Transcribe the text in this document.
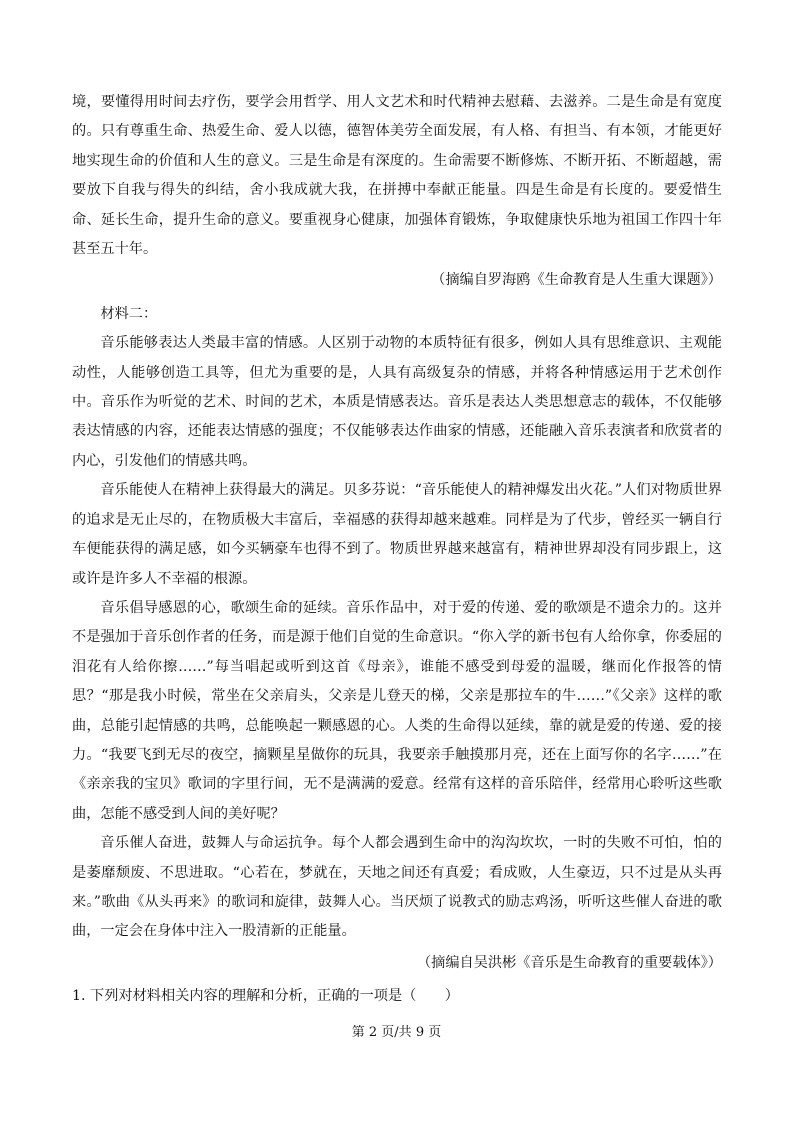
境，要懂得用时间去疗伤，要学会用哲学、用人文艺术和时代精神去慰藉、去滋养。二是生命是有宽度的。只有尊重生命、热爱生命、爱人以德，德智体美劳全面发展，有人格、有担当、有本领，才能更好地实现生命的价值和人生的意义。三是生命是有深度的。生命需要不断修炼、不断开拓、不断超越，需要放下自我与得失的纠结，舍小我成就大我，在拼搏中奉献正能量。四是生命是有长度的。要爱惜生命、延长生命，提升生命的意义。要重视身心健康，加强体育锻炼，争取健康快乐地为祖国工作四十年甚至五十年。

（摘编自罗海鸥《生命教育是人生重大课题》）

材料二：

音乐能够表达人类最丰富的情感。人区别于动物的本质特征有很多，例如人具有思维意识、主观能动性，人能够创造工具等，但尤为重要的是，人具有高级复杂的情感，并将各种情感运用于艺术创作中。音乐作为听觉的艺术、时间的艺术，本质是情感表达。音乐是表达人类思想意志的载体，不仅能够表达情感的内容，还能表达情感的强度；不仅能够表达作曲家的情感，还能融入音乐表演者和欣赏者的内心，引发他们的情感共鸣。

音乐能使人在精神上获得最大的满足。贝多芬说：“音乐能使人的精神爆发出火花。”人们对物质世界的追求是无止尽的，在物质极大丰富后，幸福感的获得却越来越难。同样是为了代步，曾经买一辆自行车便能获得的满足感，如今买辆豪车也得不到了。物质世界越来越富有，精神世界却没有同步跟上，这或许是许多人不幸福的根源。

音乐倡导感恩的心，歌颂生命的延续。音乐作品中，对于爱的传递、爱的歌颂是不遗余力的。这并不是强加于音乐创作者的任务，而是源于他们自觉的生命意识。“你入学的新书包有人给你拿，你委屈的泪花有人给你擦……”每当唱起或听到这首《母亲》，谁能不感受到母爱的温暖，继而化作报答的情思？“那是我小时候，常坐在父亲肩头，父亲是儿登天的梯，父亲是那拉车的牛……”《父亲》这样的歌曲，总能引起情感的共鸣，总能唤起一颗感恩的心。人类的生命得以延续，靠的就是爱的传递、爱的接力。“我要飞到无尽的夜空，摘颗星星做你的玩具，我要亲手触摸那月亮，还在上面写你的名字……”在《亲亲我的宝贝》歌词的字里行间，无不是满满的爱意。经常有这样的音乐陪伴，经常用心聆听这些歌曲，怎能不感受到人间的美好呢？

音乐催人奋进，鼓舞人与命运抗争。每个人都会遇到生命中的沟沟坎坎，一时的失败不可怕，怕的是萎靡颓废、不思进取。“心若在，梦就在，天地之间还有真爱；看成败，人生豪迈，只不过是从头再来。”歌曲《从头再来》的歌词和旋律，鼓舞人心。当厌烦了说教式的励志鸡汤，听听这些催人奋进的歌曲，一定会在身体中注入一股清新的正能量。

（摘编自吴洪彬《音乐是生命教育的重要载体》）

1. 下列对材料相关内容的理解和分析，正确的一项是（　　）

第 2 页/共 9 页
